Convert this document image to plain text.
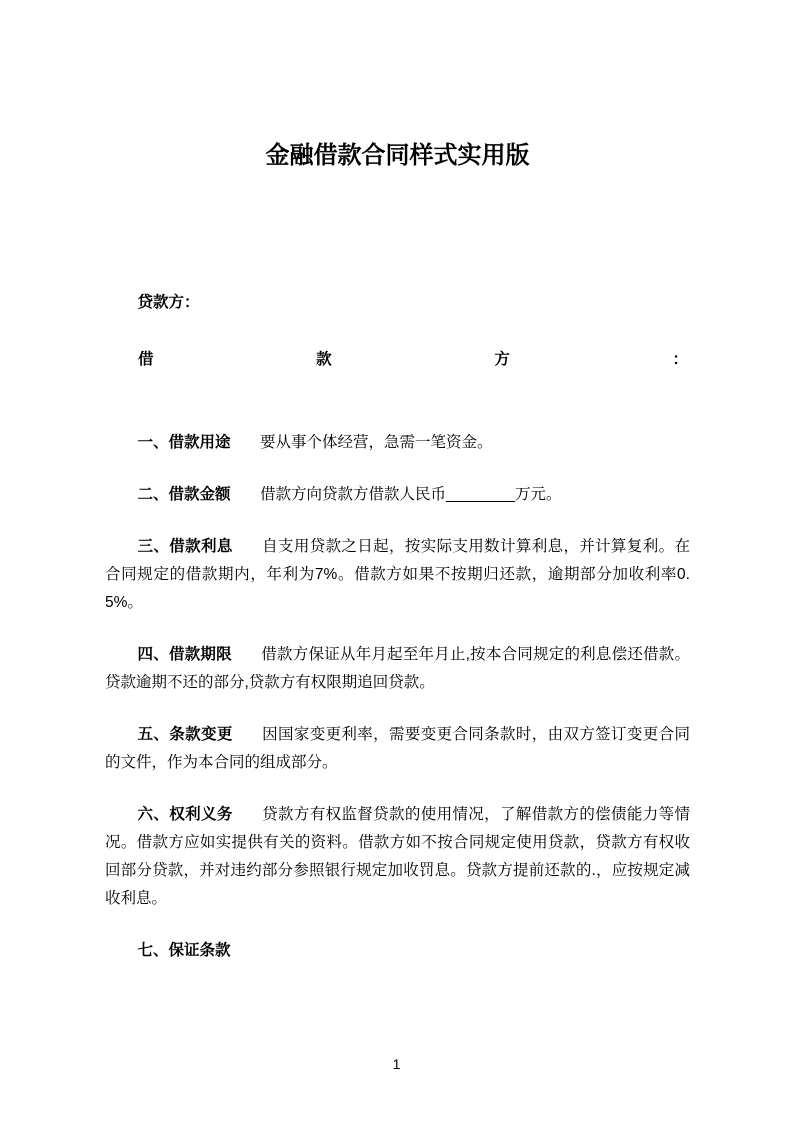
金融借款合同样式实用版

贷款方：

借	款	方	：

一、借款用途 要从事个体经营，急需一笔资金。

二、借款金额 借款方向贷款方借款人民币________万元。

三、借款利息 自支用贷款之日起，按实际支用数计算利息，并计算复利。在合同规定的借款期内，年利为7%。借款方如果不按期归还款，逾期部分加收利率0. 5%。

四、借款期限 借款方保证从年月起至年月止,按本合同规定的利息偿还借款。贷款逾期不还的部分,贷款方有权限期追回贷款。

五、条款变更 因国家变更利率，需要变更合同条款时，由双方签订变更合同的文件，作为本合同的组成部分。

六、权利义务 贷款方有权监督贷款的使用情况，了解借款方的偿债能力等情况。借款方应如实提供有关的资料。借款方如不按合同规定使用贷款，贷款方有权收回部分贷款，并对违约部分参照银行规定加收罚息。贷款方提前还款的.，应按规定减收利息。

七、保证条款

1
